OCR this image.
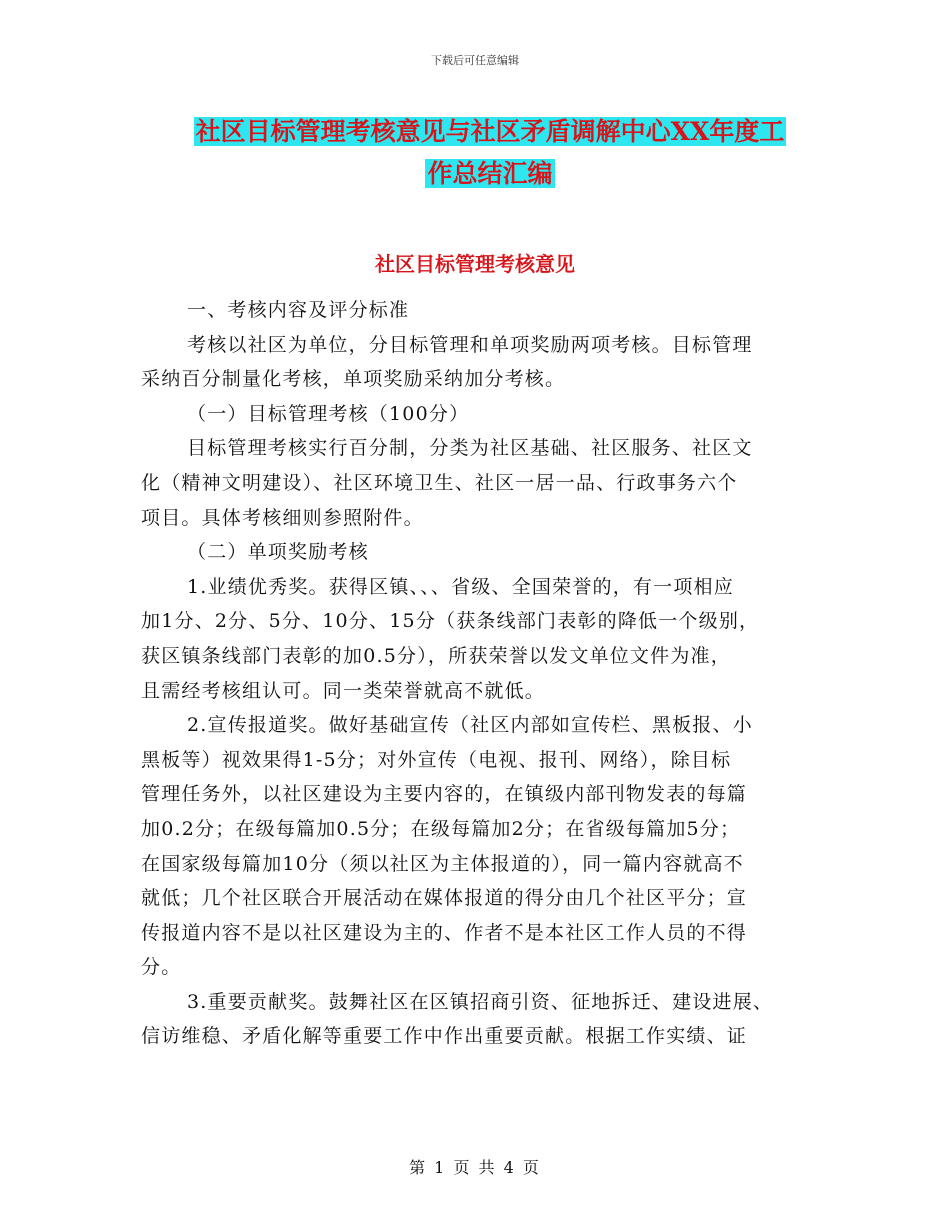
下载后可任意编辑
社区目标管理考核意见与社区矛盾调解中心XX年度工
作总结汇编
社区目标管理考核意见
一、考核内容及评分标准
考核以社区为单位，分目标管理和单项奖励两项考核。目标管理
采纳百分制量化考核，单项奖励采纳加分考核。
（一）目标管理考核（100分）
目标管理考核实行百分制，分类为社区基础、社区服务、社区文
化（精神文明建设）、社区环境卫生、社区一居一品、行政事务六个
项目。具体考核细则参照附件。
（二）单项奖励考核
1.业绩优秀奖。获得区镇、、、省级、全国荣誉的，有一项相应
加1分、2分、5分、10分、15分（获条线部门表彰的降低一个级别，
获区镇条线部门表彰的加0.5分），所获荣誉以发文单位文件为准，
且需经考核组认可。同一类荣誉就高不就低。
2.宣传报道奖。做好基础宣传（社区内部如宣传栏、黑板报、小
黑板等）视效果得1-5分；对外宣传（电视、报刊、网络），除目标
管理任务外，以社区建设为主要内容的，在镇级内部刊物发表的每篇
加0.2分；在级每篇加0.5分；在级每篇加2分；在省级每篇加5分；
在国家级每篇加10分（须以社区为主体报道的），同一篇内容就高不
就低；几个社区联合开展活动在媒体报道的得分由几个社区平分；宣
传报道内容不是以社区建设为主的、作者不是本社区工作人员的不得
分。
3.重要贡献奖。鼓舞社区在区镇招商引资、征地拆迁、建设进展、
信访维稳、矛盾化解等重要工作中作出重要贡献。根据工作实绩、证
第 1 页 共 4 页
